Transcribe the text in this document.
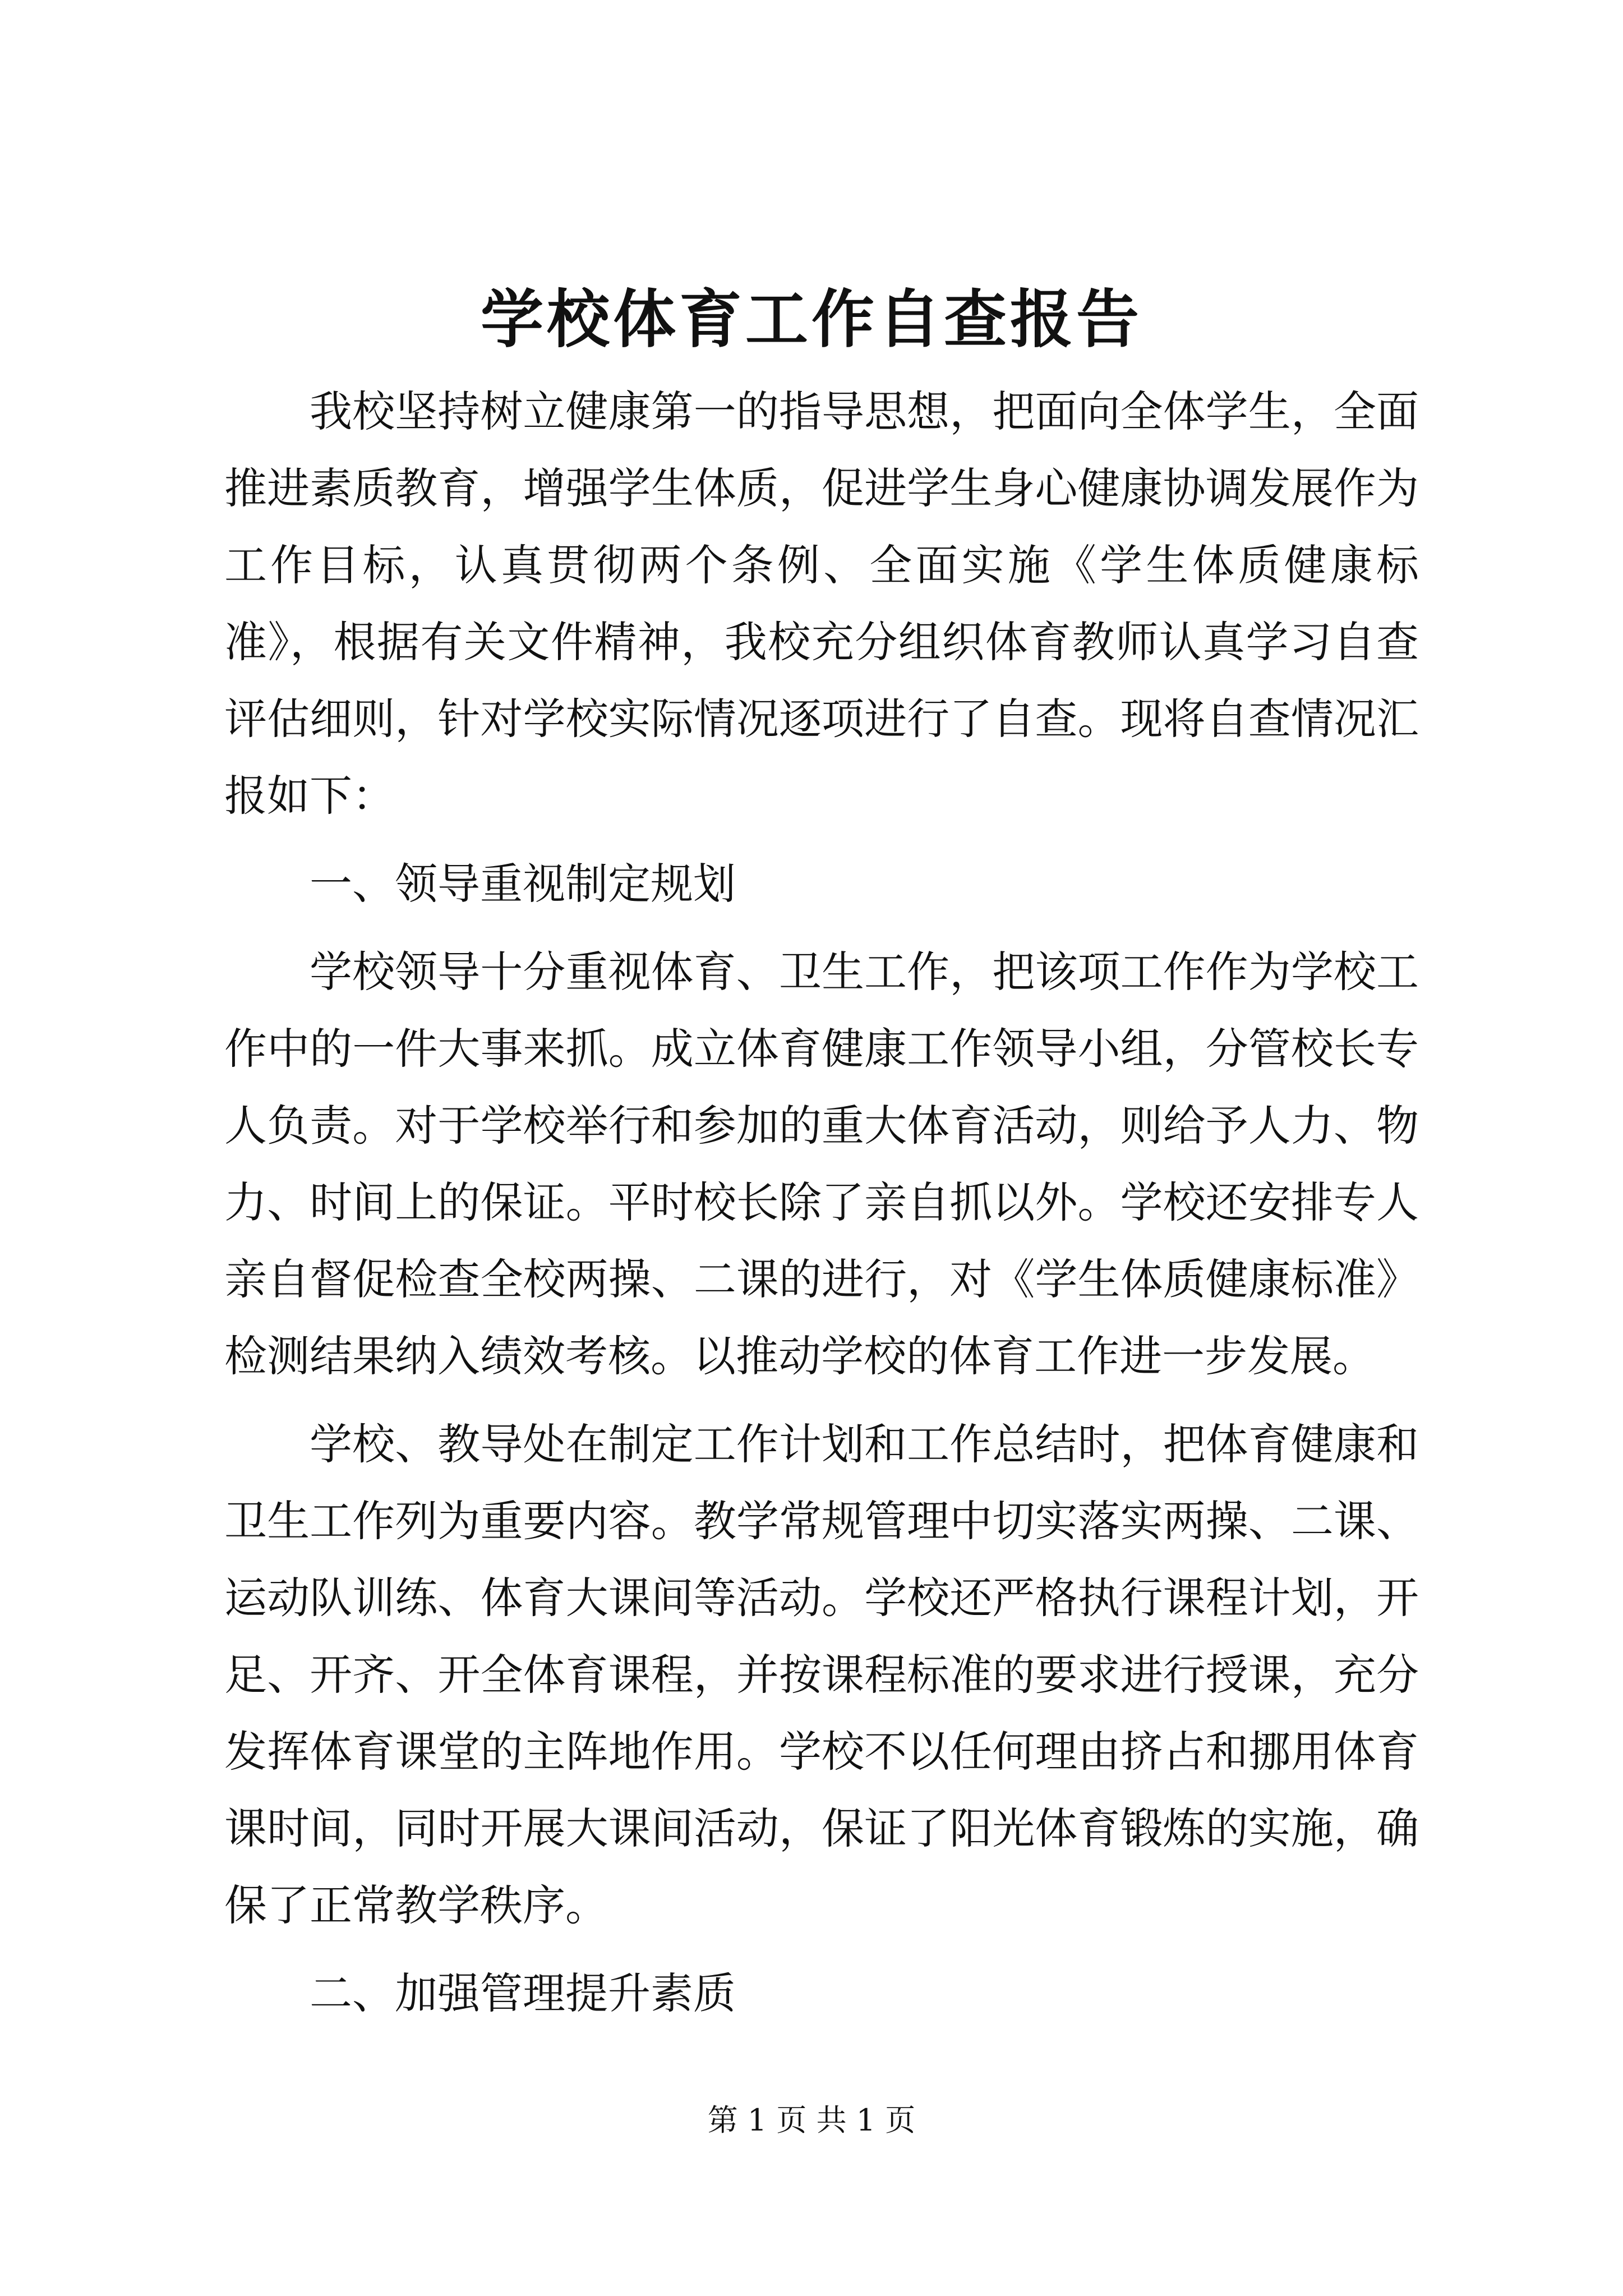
学校体育工作自查报告

我校坚持树立健康第一的指导思想，把面向全体学生，全面推进素质教育，增强学生体质，促进学生身心健康协调发展作为工作目标，认真贯彻两个条例、全面实施《学生体质健康标准》，根据有关文件精神，我校充分组织体育教师认真学习自查评估细则，针对学校实际情况逐项进行了自查。现将自查情况汇报如下：

一、领导重视制定规划

学校领导十分重视体育、卫生工作，把该项工作作为学校工作中的一件大事来抓。成立体育健康工作领导小组，分管校长专人负责。对于学校举行和参加的重大体育活动，则给予人力、物力、时间上的保证。平时校长除了亲自抓以外。学校还安排专人亲自督促检查全校两操、二课的进行，对《学生体质健康标准》检测结果纳入绩效考核。以推动学校的体育工作进一步发展。

学校、教导处在制定工作计划和工作总结时，把体育健康和卫生工作列为重要内容。教学常规管理中切实落实两操、二课、运动队训练、体育大课间等活动。学校还严格执行课程计划，开足、开齐、开全体育课程，并按课程标准的要求进行授课，充分发挥体育课堂的主阵地作用。学校不以任何理由挤占和挪用体育课时间，同时开展大课间活动，保证了阳光体育锻炼的实施，确保了正常教学秩序。

二、加强管理提升素质

第 1 页 共 1 页
